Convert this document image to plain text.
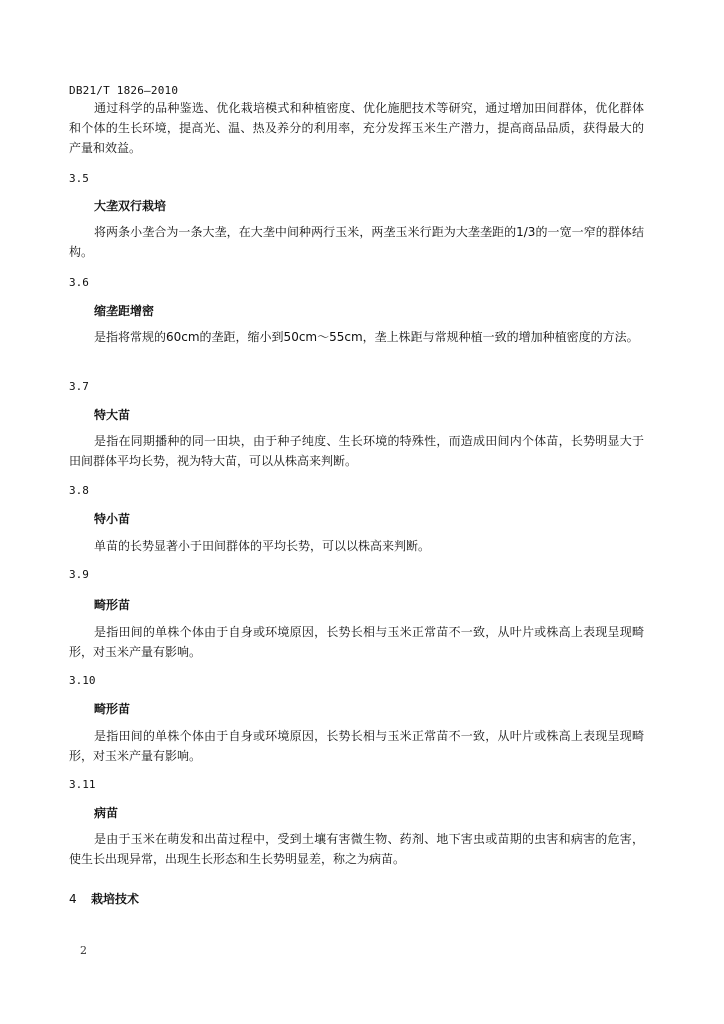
DB21/T 1826—2010
通过科学的品种鉴选、优化栽培模式和种植密度、优化施肥技术等研究，通过增加田间群体，优化群体和个体的生长环境，提高光、温、热及养分的利用率，充分发挥玉米生产潜力，提高商品品质，获得最大的产量和效益。
3.5
大垄双行栽培
将两条小垄合为一条大垄，在大垄中间种两行玉米，两垄玉米行距为大垄垄距的1/3的一宽一窄的群体结构。
3.6
缩垄距增密
是指将常规的60cm的垄距，缩小到50cm～55cm，垄上株距与常规种植一致的增加种植密度的方法。
3.7
特大苗
是指在同期播种的同一田块，由于种子纯度、生长环境的特殊性，而造成田间内个体苗，长势明显大于田间群体平均长势，视为特大苗，可以从株高来判断。
3.8
特小苗
单苗的长势显著小于田间群体的平均长势，可以以株高来判断。
3.9
畸形苗
是指田间的单株个体由于自身或环境原因，长势长相与玉米正常苗不一致，从叶片或株高上表现呈现畸形，对玉米产量有影响。
3.10
畸形苗
是指田间的单株个体由于自身或环境原因，长势长相与玉米正常苗不一致，从叶片或株高上表现呈现畸形，对玉米产量有影响。
3.11
病苗
是由于玉米在萌发和出苗过程中，受到土壤有害微生物、药剂、地下害虫或苗期的虫害和病害的危害，使生长出现异常，出现生长形态和生长势明显差，称之为病苗。
4 栽培技术
2
